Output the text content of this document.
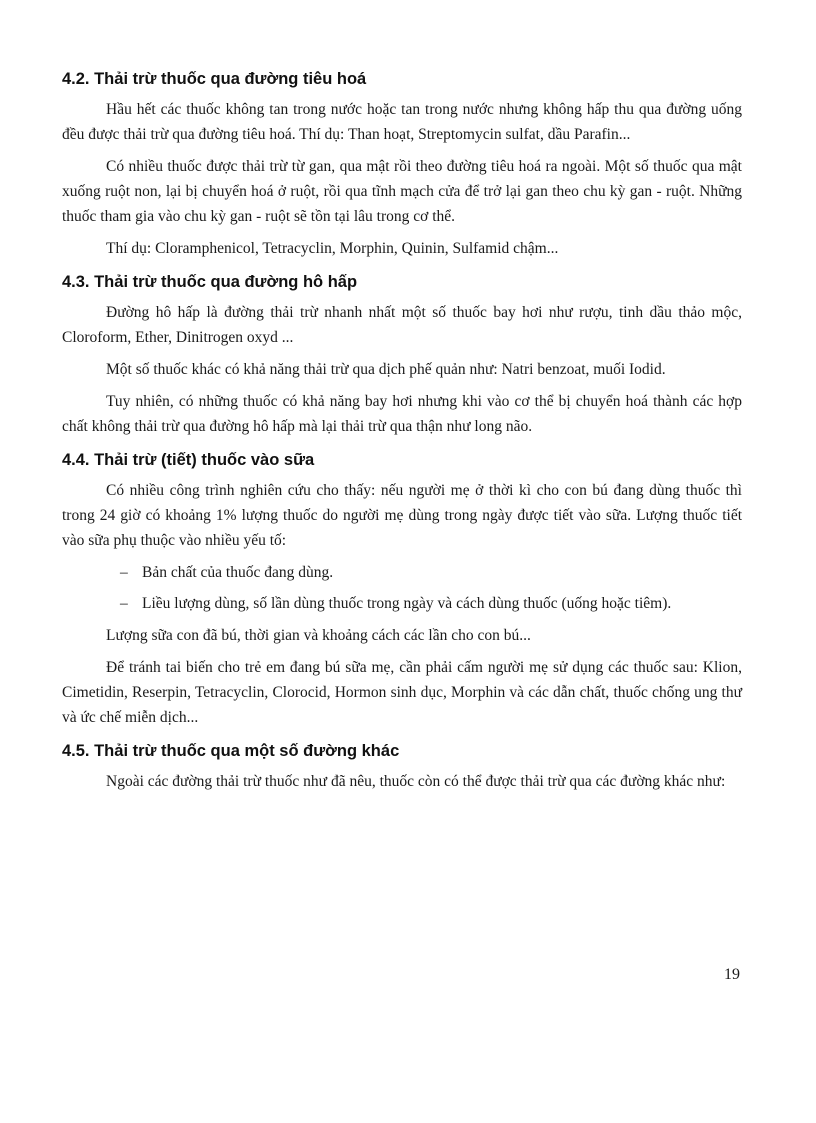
4.2. Thải trừ thuốc qua đường tiêu hoá

Hầu hết các thuốc không tan trong nước hoặc tan trong nước nhưng không hấp thu qua đường uống đều được thải trừ qua đường tiêu hoá. Thí dụ: Than hoạt, Streptomycin sulfat, dầu Parafin...

Có nhiều thuốc được thải trừ từ gan, qua mật rồi theo đường tiêu hoá ra ngoài. Một số thuốc qua mật xuống ruột non, lại bị chuyển hoá ở ruột, rồi qua tĩnh mạch cửa để trở lại gan theo chu kỳ gan - ruột. Những thuốc tham gia vào chu kỳ gan - ruột sẽ tồn tại lâu trong cơ thể.

Thí dụ: Cloramphenicol, Tetracyclin, Morphin, Quinin, Sulfamid chậm...

4.3. Thải trừ thuốc qua đường hô hấp

Đường hô hấp là đường thải trừ nhanh nhất một số thuốc bay hơi như rượu, tinh dầu thảo mộc, Cloroform, Ether, Dinitrogen oxyd ...

Một số thuốc khác có khả năng thải trừ qua dịch phế quản như: Natri benzoat, muối Iodid.

Tuy nhiên, có những thuốc có khả năng bay hơi nhưng khi vào cơ thể bị chuyển hoá thành các hợp chất không thải trừ qua đường hô hấp mà lại thải trừ qua thận như long não.

4.4. Thải trừ (tiết) thuốc vào sữa

Có nhiều công trình nghiên cứu cho thấy: nếu người mẹ ở thời kì cho con bú đang dùng thuốc thì trong 24 giờ có khoảng 1% lượng thuốc do người mẹ dùng trong ngày được tiết vào sữa. Lượng thuốc tiết vào sữa phụ thuộc vào nhiều yếu tố:

– Bản chất của thuốc đang dùng.
– Liều lượng dùng, số lần dùng thuốc trong ngày và cách dùng thuốc (uống hoặc tiêm).

Lượng sữa con đã bú, thời gian và khoảng cách các lần cho con bú...

Để tránh tai biến cho trẻ em đang bú sữa mẹ, cần phải cấm người mẹ sử dụng các thuốc sau: Klion, Cimetidin, Reserpin, Tetracyclin, Clorocid, Hormon sinh dục, Morphin và các dẫn chất, thuốc chống ung thư và ức chế miễn dịch...

4.5. Thải trừ thuốc qua một số đường khác

Ngoài các đường thải trừ thuốc như đã nêu, thuốc còn có thể được thải trừ qua các đường khác như:

19
